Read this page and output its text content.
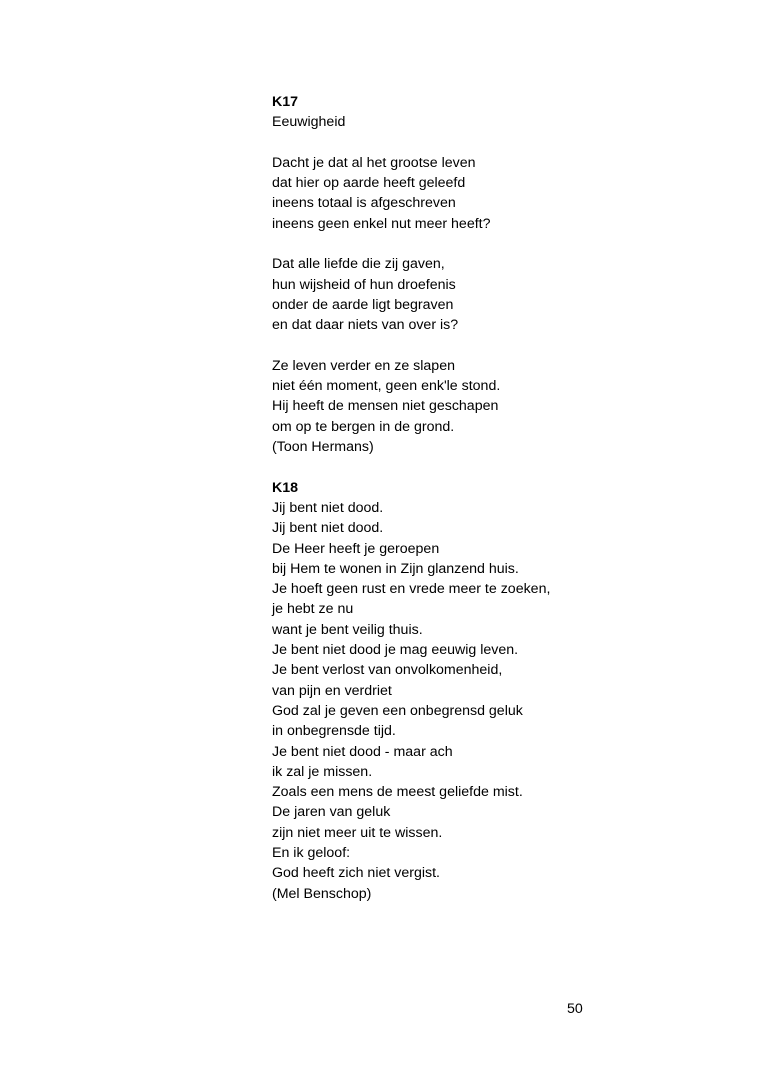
K17
Eeuwigheid
Dacht je dat al het grootse leven
dat hier op aarde heeft geleefd
ineens totaal is afgeschreven
ineens geen enkel nut meer heeft?
Dat alle liefde die zij gaven,
hun wijsheid of hun droefenis
onder de aarde ligt begraven
en dat daar niets van over is?
Ze leven verder en ze slapen
niet één moment, geen enk'le stond.
Hij heeft de mensen niet geschapen
om op te bergen in de grond.
(Toon Hermans)
K18
Jij bent niet dood.
Jij bent niet dood.
De Heer heeft je geroepen
bij Hem te wonen in Zijn glanzend huis.
Je hoeft geen rust en vrede meer te zoeken,
je hebt ze nu
want je bent veilig thuis.
Je bent niet dood je mag eeuwig leven.
Je bent verlost van onvolkomenheid,
van pijn en verdriet
God zal je geven een onbegrensd geluk
in onbegrensde tijd.
Je bent niet dood - maar ach
ik zal je missen.
Zoals een mens de meest geliefde mist.
De jaren van geluk
zijn niet meer uit te wissen.
En ik geloof:
God heeft zich niet vergist.
(Mel Benschop)
50
